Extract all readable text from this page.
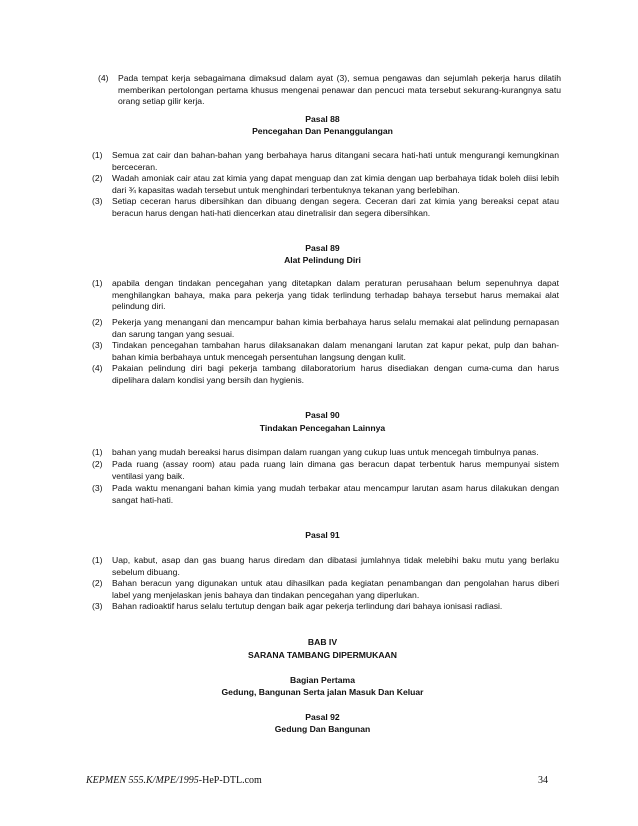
(4)	Pada tempat kerja sebagaimana dimaksud dalam ayat (3), semua pengawas dan sejumlah pekerja harus dilatih memberikan pertolongan pertama khusus mengenai penawar dan pencuci mata tersebut sekurang-kurangnya satu orang setiap gilir kerja.
Pasal 88
Pencegahan Dan Penanggulangan
(1)	Semua zat cair dan bahan-bahan yang berbahaya harus ditangani secara hati-hati untuk mengurangi kemungkinan berceceran.
(2)	Wadah amoniak cair atau zat kimia yang dapat menguap dan zat kimia dengan uap berbahaya tidak boleh diisi lebih dari ¾ kapasitas wadah tersebut untuk menghindari terbentuknya tekanan yang berlebihan.
(3)	Setiap ceceran harus dibersihkan dan dibuang dengan segera. Ceceran dari zat kimia yang bereaksi cepat atau beracun harus dengan hati-hati diencerkan atau dinetralisir dan segera dibersihkan.
Pasal 89
Alat Pelindung Diri
(1)	apabila dengan tindakan pencegahan yang ditetapkan dalam peraturan perusahaan belum sepenuhnya dapat menghilangkan bahaya, maka para pekerja yang tidak terlindung terhadap bahaya tersebut harus memakai alat pelindung diri.
(2)	Pekerja yang menangani dan mencampur bahan kimia berbahaya harus selalu memakai alat pelindung pernapasan dan sarung tangan yang sesuai.
(3)	Tindakan pencegahan tambahan harus dilaksanakan dalam menangani larutan zat kapur pekat, pulp dan bahan-bahan kimia berbahaya untuk mencegah persentuhan langsung dengan kulit.
(4)	Pakaian pelindung diri bagi pekerja tambang dilaboratorium harus disediakan dengan cuma-cuma dan harus dipelihara dalam kondisi yang bersih dan hygienis.
Pasal 90
Tindakan Pencegahan Lainnya
(1)	bahan yang mudah bereaksi harus disimpan dalam ruangan yang cukup luas untuk mencegah timbulnya panas.
(2)	Pada ruang (assay room) atau pada ruang lain dimana gas beracun dapat terbentuk harus mempunyai sistem ventilasi yang baik.
(3)	Pada waktu menangani bahan kimia yang mudah terbakar atau mencampur larutan asam harus dilakukan dengan sangat hati-hati.
Pasal 91
(1)	Uap, kabut, asap dan gas buang harus diredam dan dibatasi jumlahnya tidak melebihi baku mutu yang berlaku sebelum dibuang.
(2)	Bahan beracun yang digunakan untuk atau dihasilkan pada kegiatan penambangan dan pengolahan harus diberi label yang menjelaskan jenis bahaya dan tindakan pencegahan yang diperlukan.
(3)	Bahan radioaktif harus selalu tertutup dengan baik agar pekerja terlindung dari bahaya ionisasi radiasi.
BAB IV
SARANA TAMBANG DIPERMUKAAN
Bagian Pertama
Gedung, Bangunan Serta jalan Masuk Dan Keluar
Pasal 92
Gedung Dan Bangunan
KEPMEN 555.K/MPE/1995-HeP-DTL.com	34
